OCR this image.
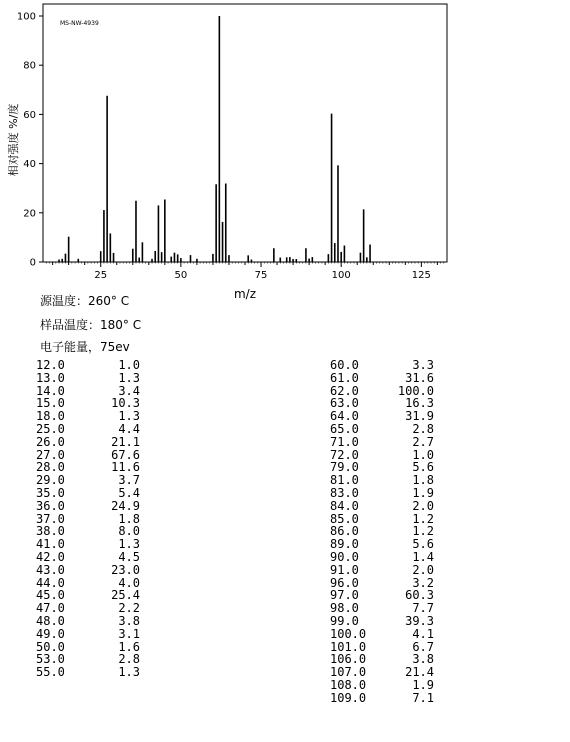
MS-NW-4939
0
20
40
60
80
100
25	50	75	100	125
m/z
相对强度 %/度
源温度：260° C
样品温度：180° C
电子能量，75ev
12.0	1.0
13.0	1.3
14.0	3.4
15.0	10.3
18.0	1.3
25.0	4.4
26.0	21.1
27.0	67.6
28.0	11.6
29.0	3.7
35.0	5.4
36.0	24.9
37.0	1.8
38.0	8.0
41.0	1.3
42.0	4.5
43.0	23.0
44.0	4.0
45.0	25.4
47.0	2.2
48.0	3.8
49.0	3.1
50.0	1.6
53.0	2.8
55.0	1.3
60.0	3.3
61.0	31.6
62.0	100.0
63.0	16.3
64.0	31.9
65.0	2.8
71.0	2.7
72.0	1.0
79.0	5.6
81.0	1.8
83.0	1.9
84.0	2.0
85.0	1.2
86.0	1.2
89.0	5.6
90.0	1.4
91.0	2.0
96.0	3.2
97.0	60.3
98.0	7.7
99.0	39.3
100.0	4.1
101.0	6.7
106.0	3.8
107.0	21.4
108.0	1.9
109.0	7.1
